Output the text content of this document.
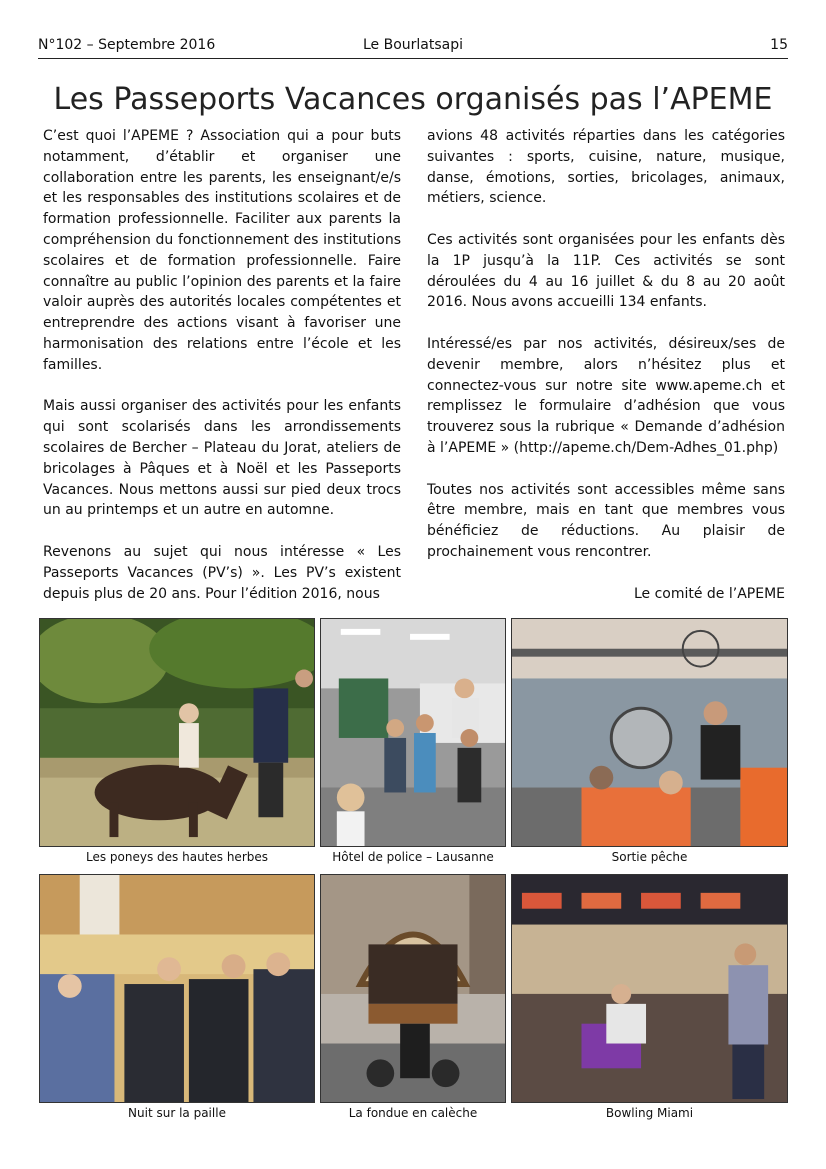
N°102 – Septembre 2016	Le Bourlatsapi	15
Les Passeports Vacances organisés pas l’APEME

C’est quoi l’APEME ? Association qui a pour buts notamment, d’établir et organiser une collaboration entre les parents, les enseignant/e/s et les responsables des institutions scolaires et de formation professionnelle. Faciliter aux parents la compréhension du fonctionnement des institutions scolaires et de formation professionnelle. Faire connaître au public l’opinion des parents et la faire valoir auprès des autorités locales compétentes et entreprendre des actions visant à favoriser une harmonisation des relations entre l’école et les familles.

Mais aussi organiser des activités pour les enfants qui sont scolarisés dans les arrondissements scolaires de Bercher – Plateau du Jorat, ateliers de bricolages à Pâques et à Noël et les Passeports Vacances. Nous mettons aussi sur pied deux trocs un au printemps et un autre en automne.

Revenons au sujet qui nous intéresse « Les Passeports Vacances (PV’s) ». Les PV’s existent depuis plus de 20 ans. Pour l’édition 2016, nous

avions 48 activités réparties dans les catégories suivantes : sports, cuisine, nature, musique, danse, émotions, sorties, bricolages, animaux, métiers, science.

Ces activités sont organisées pour les enfants dès la 1P jusqu’à la 11P. Ces activités se sont déroulées du 4 au 16 juillet & du 8 au 20 août 2016. Nous avons accueilli 134 enfants.

Intéressé/es par nos activités, désireux/ses de devenir membre, alors n’hésitez plus et connectez-vous sur notre site www.apeme.ch et remplissez le formulaire d’adhésion que vous trouverez sous la rubrique « Demande d’adhésion à l’APEME » (http://apeme.ch/Dem-Adhes_01.php)

Toutes nos activités sont accessibles même sans être membre, mais en tant que membres vous bénéficiez de réductions. Au plaisir de prochainement vous rencontrer.

Le comité de l’APEME

Les poneys des hautes herbes	Hôtel de police – Lausanne	Sortie pêche
Nuit sur la paille	La fondue en calèche	Bowling Miami
